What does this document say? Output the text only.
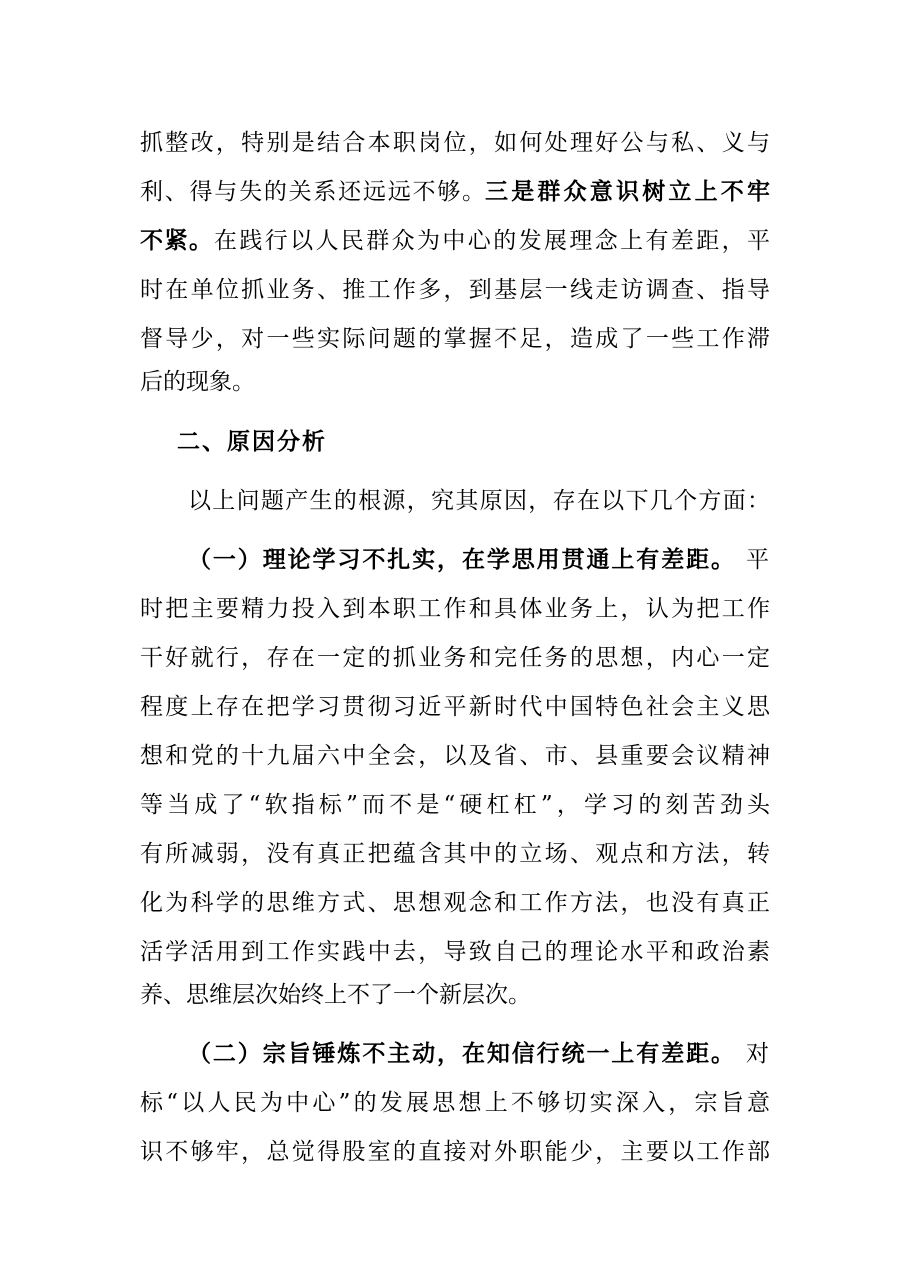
抓整改，特别是结合本职岗位，如何处理好公与私、义与
利、得与失的关系还远远不够。 三是群众意识树立上不牢
不紧。 在践行以人民群众为中心的发展理念上有差距，平
时在单位抓业务、推工作多，到基层一线走访调查、指导
督导少，对一些实际问题的掌握不足，造成了一些工作滞
后的现象。
二、原因分析
以上问题产生的根源，究其原因，存在以下几个方面：
（一）理论学习不扎实，在学思用贯通上有差距。 平
时把主要精力投入到本职工作和具体业务上，认为把工作
干好就行，存在一定的抓业务和完任务的思想，内心一定
程度上存在把学习贯彻习近平新时代中国特色社会主义思
想和党的十九届六中全会，以及省、市、县重要会议精神
等当成了“软指标”而不是“硬杠杠”，学习的刻苦劲头
有所减弱，没有真正把蕴含其中的立场、观点和方法，转
化为科学的思维方式、思想观念和工作方法，也没有真正
活学活用到工作实践中去，导致自己的理论水平和政治素
养、思维层次始终上不了一个新层次。
（二）宗旨锤炼不主动，在知信行统一上有差距。 对
标“以人民为中心”的发展思想上不够切实深入，宗旨意
识不够牢，总觉得股室的直接对外职能少，主要以工作部
